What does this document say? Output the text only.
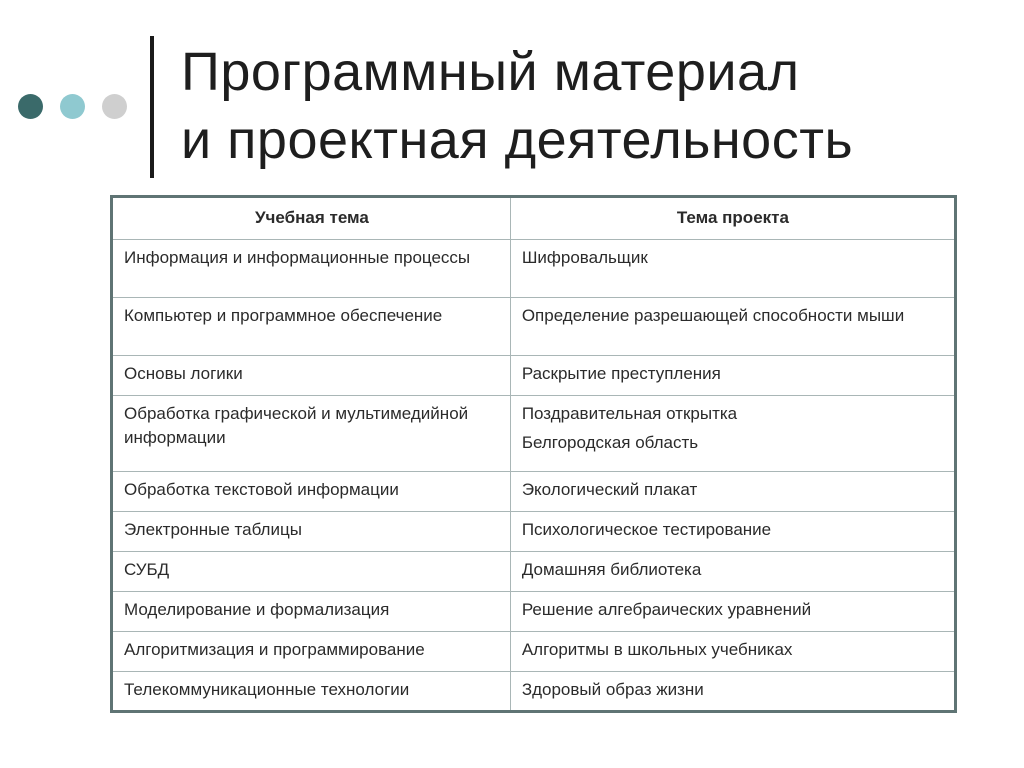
Программный материал
и проектная деятельность
Учебная тема	Тема проекта
Информация и информационные процессы	Шифровальщик

Компьютер и программное обеспечение	Определение разрешающей способности мыши

Основы логики	Раскрытие преступления

Обработка графической и мультимедийной информации	Поздравительная открытка
Белгородская область

Обработка текстовой информации	Экологический плакат

Электронные таблицы	Психологическое тестирование

СУБД	Домашняя библиотека

Моделирование и формализация	Решение алгебраических уравнений

Алгоритмизация и программирование	Алгоритмы в школьных учебниках

Телекоммуникационные технологии	Здоровый образ жизни
